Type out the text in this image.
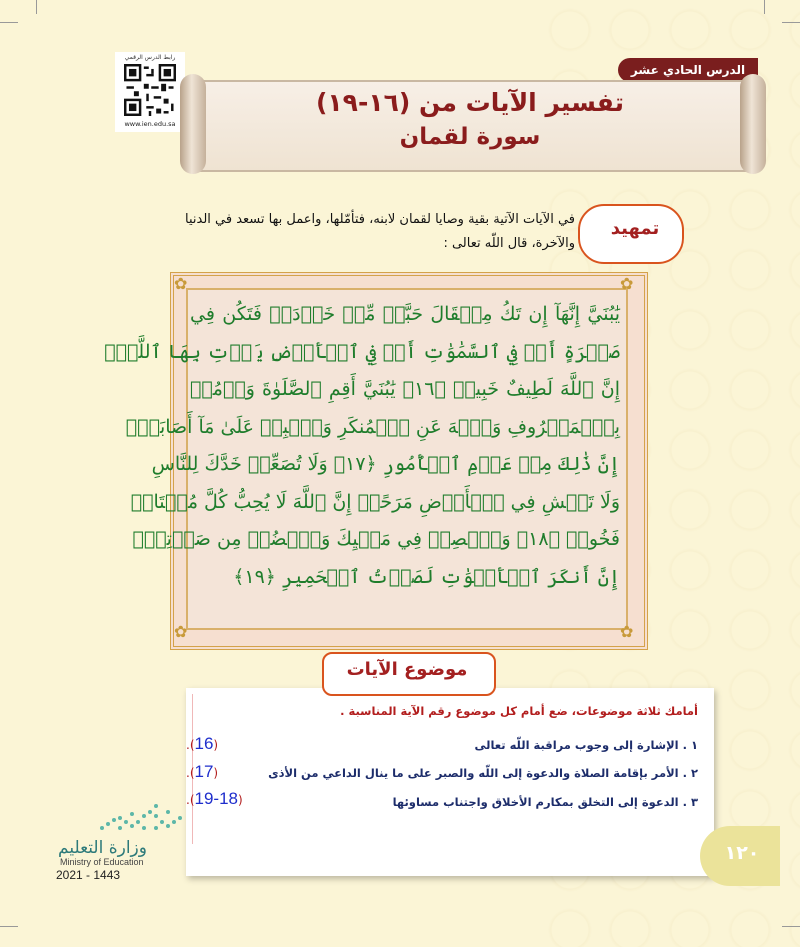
رابط الدرس الرقمي
www.ien.edu.sa
الدرس الحادي عشر
تفسير الآيات من (١٦-١٩)
سورة لقمان
تمهيد
في الآيات الآتية بقية وصايا لقمان لابنه، فتأمّلها، واعمل بها تسعد في الدنيا والآخرة، قال اللّه تعالى :
✿	✿
✿	✿
يَٰبُنَيَّ إِنَّهَآ إِن تَكُ مِثۡقَالَ حَبَّةٖ مِّنۡ خَرۡدَلٖ فَتَكُن فِي
صَخۡرَةٍ أَوۡ فِي ٱلسَّمَٰوَٰتِ أَوۡ فِي ٱلۡأَرۡضِ يَأۡتِ بِهَا ٱللَّهُۚ
إِنَّ ٱللَّهَ لَطِيفٌ خَبِيرٞ ﴿١٦﴾ يَٰبُنَيَّ أَقِمِ ٱلصَّلَوٰةَ وَأۡمُرۡ
بِٱلۡمَعۡرُوفِ وَٱنۡهَ عَنِ ٱلۡمُنكَرِ وَٱصۡبِرۡ عَلَىٰ مَآ أَصَابَكَۖ
إِنَّ ذَٰلِكَ مِنۡ عَزۡمِ ٱلۡأُمُورِ ﴿١٧﴾ وَلَا تُصَعِّرۡ خَدَّكَ لِلنَّاسِ
وَلَا تَمۡشِ فِي ٱلۡأَرۡضِ مَرَحًاۖ إِنَّ ٱللَّهَ لَا يُحِبُّ كُلَّ مُخۡتَالٖ
فَخُورٖ ﴿١٨﴾ وَٱقۡصِدۡ فِي مَشۡيِكَ وَٱغۡضُضۡ مِن صَوۡتِكَۚ
إِنَّ أَنكَرَ ٱلۡأَصۡوَٰتِ لَصَوۡتُ ٱلۡحَمِيرِ ﴿١٩﴾
موضوع الآيات
أمامك ثلاثة موضوعات، ضع أمام كل موضوع رقم الآية المناسبة .
١ . الإشارة إلى وجوب مراقبة اللّه تعالى
.(16)
٢ . الأمر بإقامة الصلاة والدعوة إلى اللّه والصبر على ما ينال الداعي من الأذى
.(17)
٣ . الدعوة إلى التخلق بمكارم الأخلاق واجتناب مساوئها
.(19-18)
١٢٠
وزارة التعليم
Ministry of Education
2021 - 1443
